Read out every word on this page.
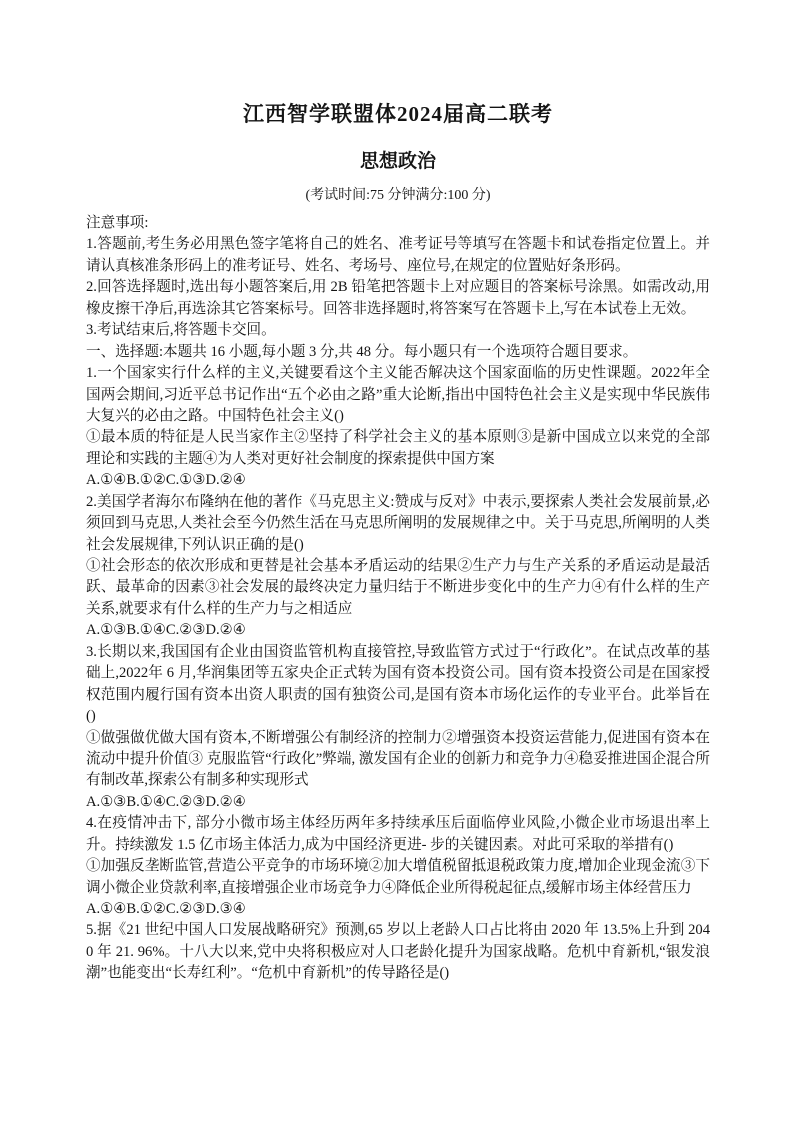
江西智学联盟体2024届高二联考
思想政治
(考试时间:75 分钟满分:100 分)

注意事项:

1.答题前,考生务必用黑色签字笔将自己的姓名、准考证号等填写在答题卡和试卷指定位置上。并请认真核准条形码上的准考证号、姓名、考场号、座位号,在规定的位置贴好条形码。

2.回答选择题时,选出每小题答案后,用 2B 铅笔把答题卡上对应题目的答案标号涂黑。如需改动,用橡皮擦干净后,再选涂其它答案标号。回答非选择题时,将答案写在答题卡上,写在本试卷上无效。

3.考试结束后,将答题卡交回。

一、选择题:本题共 16 小题,每小题 3 分,共 48 分。每小题只有一个选项符合题目要求。

1.一个国家实行什么样的主义,关键要看这个主义能否解决这个国家面临的历史性课题。2022年全国两会期间,习近平总书记作出“五个必由之路”重大论断,指出中国特色社会主义是实现中华民族伟大复兴的必由之路。中国特色社会主义()

①最本质的特征是人民当家作主②坚持了科学社会主义的基本原则③是新中国成立以来党的全部理论和实践的主题④为人类对更好社会制度的探索提供中国方案

A.①④B.①②C.①③D.②④

2.美国学者海尔布隆纳在他的著作《马克思主义:赞成与反对》中表示,要探索人类社会发展前景,必须回到马克思,人类社会至今仍然生活在马克思所阐明的发展规律之中。关于马克思,所阐明的人类社会发展规律,下列认识正确的是()

①社会形态的依次形成和更替是社会基本矛盾运动的结果②生产力与生产关系的矛盾运动是最活跃、最革命的因素③社会发展的最终决定力量归结于不断进步变化中的生产力④有什么样的生产关系,就要求有什么样的生产力与之相适应

A.①③B.①④C.②③D.②④

3.长期以来,我国国有企业由国资监管机构直接管控,导致监管方式过于“行政化”。在试点改革的基础上,2022年 6 月,华润集团等五家央企正式转为国有资本投资公司。国有资本投资公司是在国家授权范围内履行国有资本出资人职责的国有独资公司,是国有资本市场化运作的专业平台。此举旨在()

①做强做优做大国有资本,不断增强公有制经济的控制力②增强资本投资运营能力,促进国有资本在流动中提升价值③ 克服监管“行政化”弊端, 激发国有企业的创新力和竞争力④稳妥推进国企混合所有制改革,探索公有制多种实现形式

A.①③B.①④C.②③D.②④

4.在疫情冲击下, 部分小微市场主体经历两年多持续承压后面临停业风险,小微企业市场退出率上升。持续激发 1.5 亿市场主体活力,成为中国经济更进- 步的关键因素。对此可采取的举措有()

①加强反垄断监管,营造公平竞争的市场环境②加大增值税留抵退税政策力度,增加企业现金流③下调小微企业贷款利率,直接增强企业市场竞争力④降低企业所得税起征点,缓解市场主体经营压力

A.①④B.①②C.②③D.③④

5.据《21 世纪中国人口发展战略研究》预测,65 岁以上老龄人口占比将由 2020 年 13.5%上升到 2040 年 21. 96%。十八大以来,党中央将积极应对人口老龄化提升为国家战略。危机中育新机,“银发浪潮”也能变出“长寿红利”。“危机中育新机”的传导路径是()
